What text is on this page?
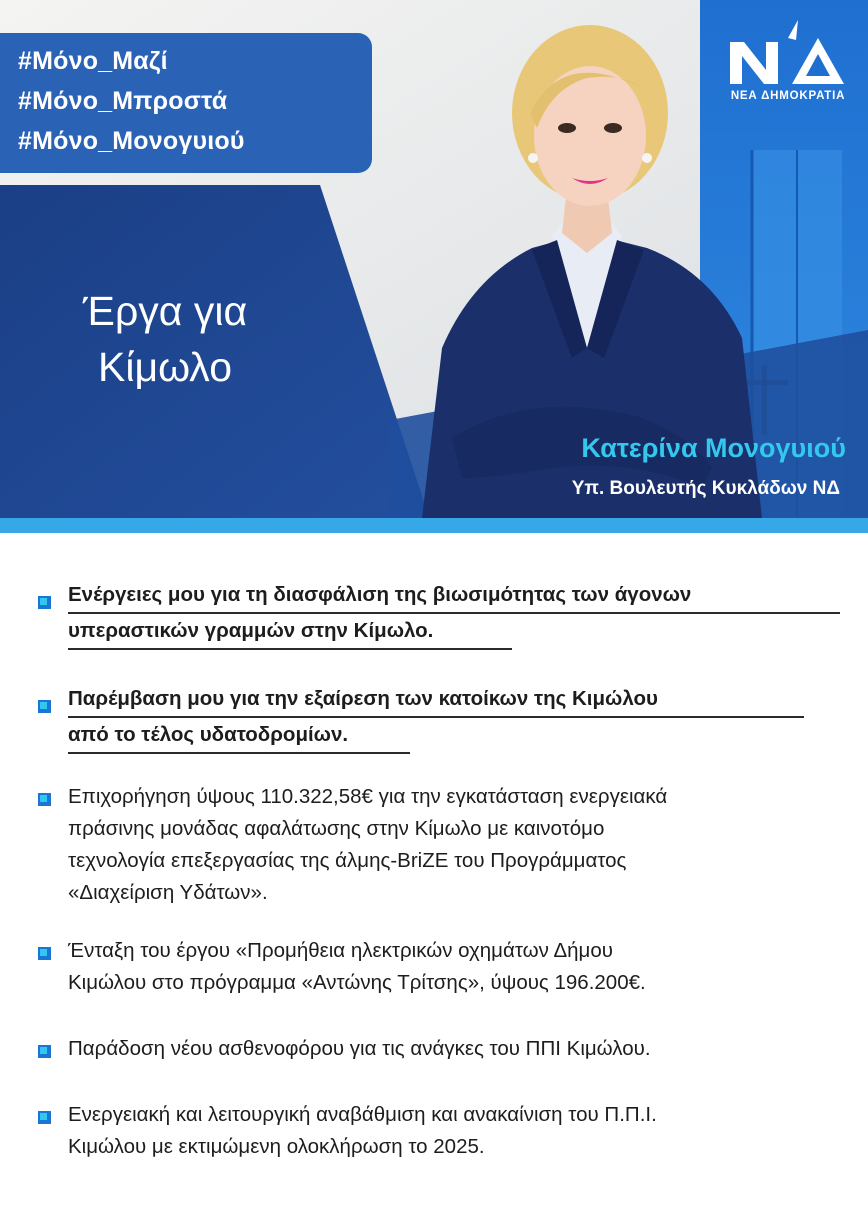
#Μόνο_Μαζί
#Μόνο_Μπροστά
#Μόνο_Μονογυιού
Έργα για
Κίμωλο
ΝΕΑ ΔΗΜΟΚΡΑΤΙΑ
Κατερίνα Μονογυιού
Υπ. Βουλευτής Κυκλάδων ΝΔ
Ενέργειες μου για τη διασφάλιση της βιωσιμότητας των άγονων
υπεραστικών γραμμών στην Κίμωλο.
Παρέμβαση μου για την εξαίρεση των κατοίκων της Κιμώλου
από το τέλος υδατοδρομίων.
Επιχορήγηση ύψους 110.322,58€ για την εγκατάσταση ενεργειακά
πράσινης μονάδας αφαλάτωσης στην Κίμωλο με καινοτόμο
τεχνολογία επεξεργασίας της άλμης-BriZE του Προγράμματος
«Διαχείριση Υδάτων».
Ένταξη του έργου «Προμήθεια ηλεκτρικών οχημάτων Δήμου
Κιμώλου στο πρόγραμμα «Αντώνης Τρίτσης», ύψους 196.200€.
Παράδοση νέου ασθενοφόρου για τις ανάγκες του ΠΠΙ Κιμώλου.
Ενεργειακή και λειτουργική αναβάθμιση και ανακαίνιση του Π.Π.Ι.
Κιμώλου με εκτιμώμενη ολοκλήρωση το 2025.
